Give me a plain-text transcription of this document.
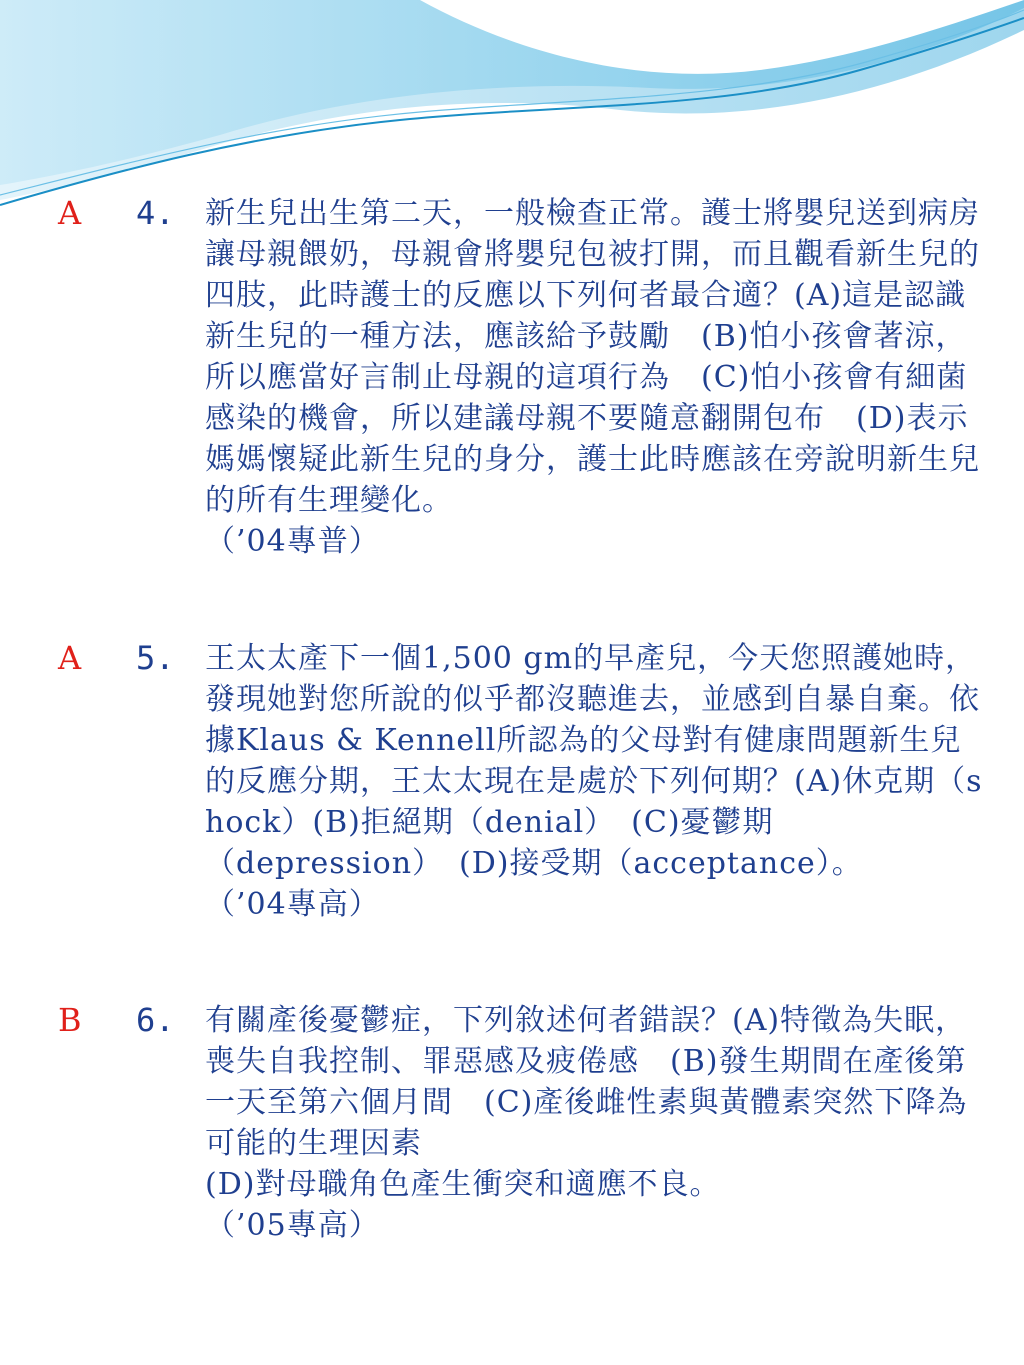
A 4. 新生兒出生第二天，一般檢查正常。護士將嬰兒送到病房讓母親餵奶，母親會將嬰兒包被打開，而且觀看新生兒的四肢，此時護士的反應以下列何者最合適？(A)這是認識新生兒的一種方法，應該給予鼓勵　(B)怕小孩會著涼，所以應當好言制止母親的這項行為　(C)怕小孩會有細菌感染的機會，所以建議母親不要隨意翻開包布　(D)表示媽媽懷疑此新生兒的身分，護士此時應該在旁說明新生兒的所有生理變化。
（’04專普）
A 5. 王太太產下一個1,500 gm的早產兒，今天您照護她時，發現她對您所說的似乎都沒聽進去，並感到自暴自棄。依據Klaus & Kennell所認為的父母對有健康問題新生兒的反應分期，王太太現在是處於下列何期？(A)休克期（shock）(B)拒絕期（denial）　(C)憂鬱期
（depression）　(D)接受期（acceptance）。
（’04專高）
B 6. 有關產後憂鬱症，下列敘述何者錯誤？(A)特徵為失眠，喪失自我控制、罪惡感及疲倦感　(B)發生期間在產後第一天至第六個月間　(C)產後雌性素與黃體素突然下降為可能的生理因素
(D)對母職角色產生衝突和適應不良。
（’05專高）
